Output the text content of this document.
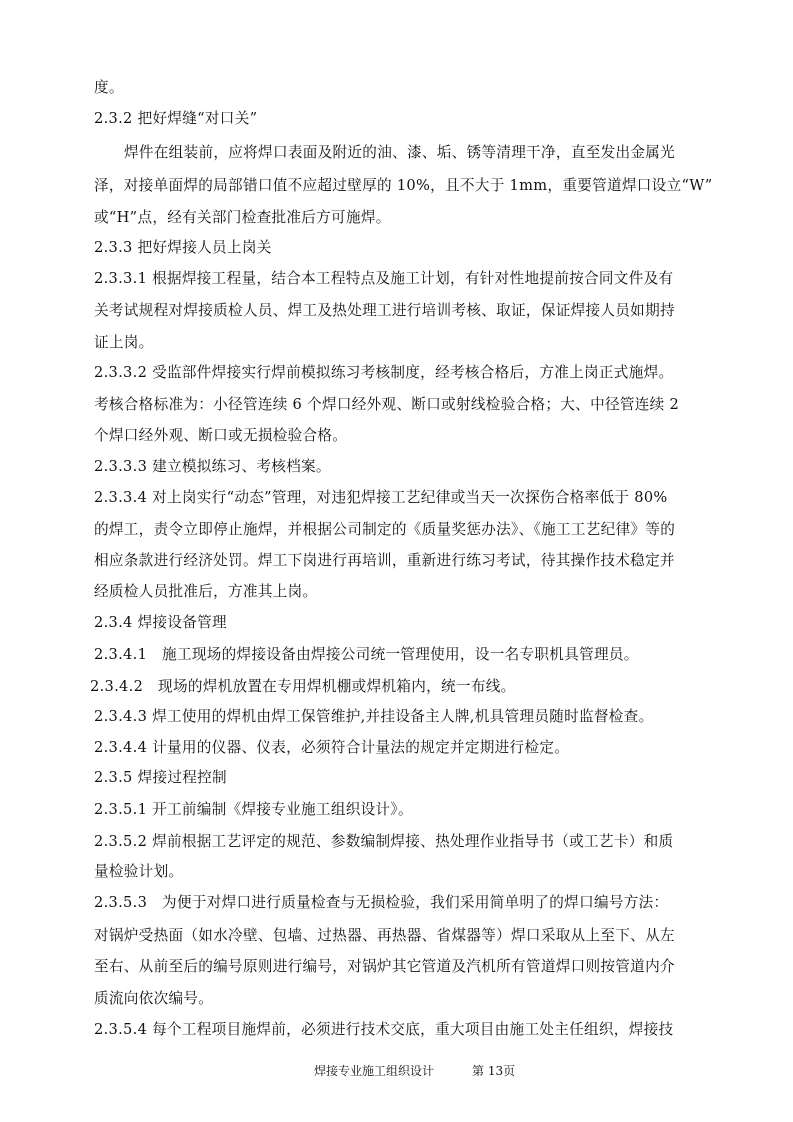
度。
2.3.2 把好焊缝“对口关”
焊件在组装前，应将焊口表面及附近的油、漆、垢、锈等清理干净，直至发出金属光
泽，对接单面焊的局部错口值不应超过壁厚的 10%，且不大于 1mm，重要管道焊口设立“W”
或“H”点，经有关部门检查批准后方可施焊。
2.3.3 把好焊接人员上岗关
2.3.3.1 根据焊接工程量，结合本工程特点及施工计划，有针对性地提前按合同文件及有
关考试规程对焊接质检人员、焊工及热处理工进行培训考核、取证，保证焊接人员如期持
证上岗。
2.3.3.2 受监部件焊接实行焊前模拟练习考核制度，经考核合格后，方准上岗正式施焊。
考核合格标准为：小径管连续 6 个焊口经外观、断口或射线检验合格；大、中径管连续 2
个焊口经外观、断口或无损检验合格。
2.3.3.3 建立模拟练习、考核档案。
2.3.3.4 对上岗实行“动态”管理，对违犯焊接工艺纪律或当天一次探伤合格率低于 80%
的焊工，责令立即停止施焊，并根据公司制定的《质量奖惩办法》、《施工工艺纪律》等的
相应条款进行经济处罚。焊工下岗进行再培训，重新进行练习考试，待其操作技术稳定并
经质检人员批准后，方准其上岗。
2.3.4 焊接设备管理
2.3.4.1　施工现场的焊接设备由焊接公司统一管理使用，设一名专职机具管理员。
2.3.4.2　现场的焊机放置在专用焊机棚或焊机箱内，统一布线。
2.3.4.3 焊工使用的焊机由焊工保管维护,并挂设备主人牌,机具管理员随时监督检查。
2.3.4.4 计量用的仪器、仪表，必须符合计量法的规定并定期进行检定。
2.3.5 焊接过程控制
2.3.5.1 开工前编制《焊接专业施工组织设计》。
2.3.5.2 焊前根据工艺评定的规范、参数编制焊接、热处理作业指导书（或工艺卡）和质
量检验计划。
2.3.5.3　为便于对焊口进行质量检查与无损检验，我们采用简单明了的焊口编号方法：
对锅炉受热面（如水冷壁、包墙、过热器、再热器、省煤器等）焊口采取从上至下、从左
至右、从前至后的编号原则进行编号，对锅炉其它管道及汽机所有管道焊口则按管道内介
质流向依次编号。
2.3.5.4 每个工程项目施焊前，必须进行技术交底，重大项目由施工处主任组织，焊接技
焊接专业施工组织设计	第 13页
